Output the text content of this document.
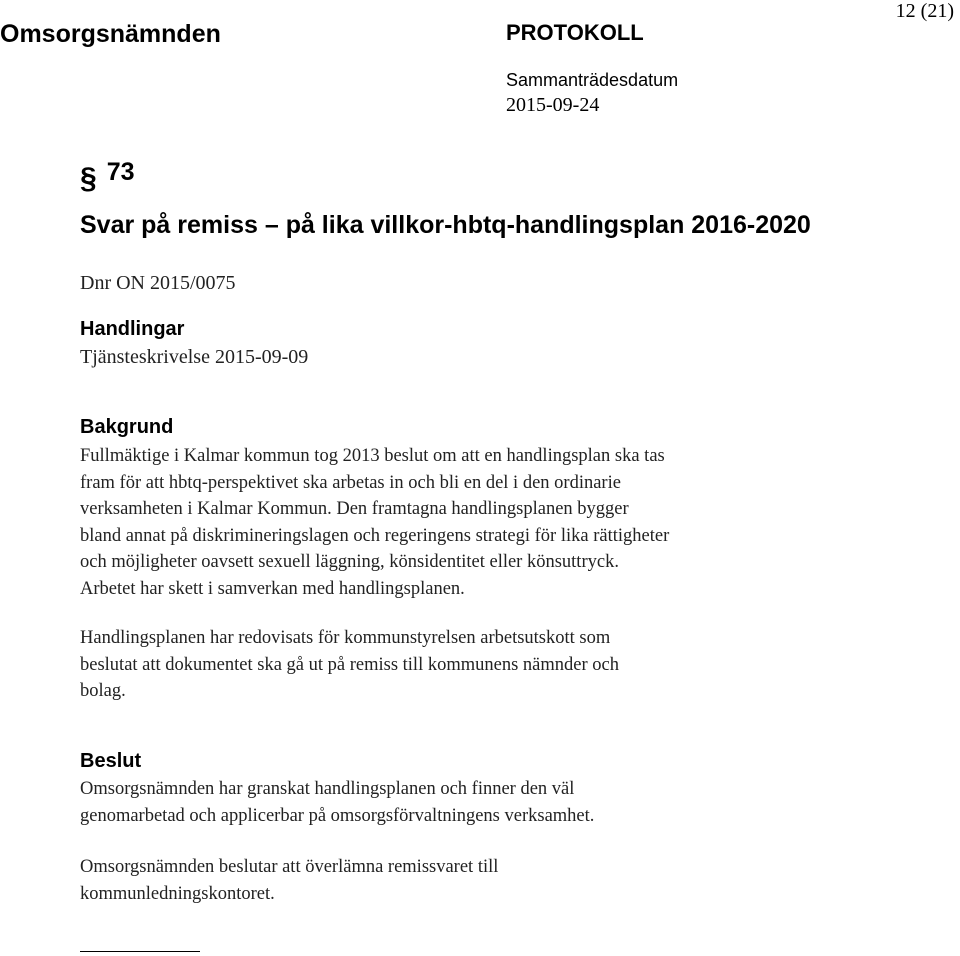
Omsorgsnämnden	PROTOKOLL
Sammanträdesdatum
2015-09-24
12 (21)
§ 73
Svar på remiss – på lika villkor-hbtq-handlingsplan 2016-2020
Dnr ON 2015/0075
Handlingar
Tjänsteskrivelse 2015-09-09
Bakgrund
Fullmäktige i Kalmar kommun tog 2013 beslut om att en handlingsplan ska tas
fram för att hbtq-perspektivet ska arbetas in och bli en del i den ordinarie
verksamheten i Kalmar Kommun. Den framtagna handlingsplanen bygger
bland annat på diskrimineringslagen och regeringens strategi för lika rättigheter
och möjligheter oavsett sexuell läggning, könsidentitet eller könsuttryck.
Arbetet har skett i samverkan med handlingsplanen.
Handlingsplanen har redovisats för kommunstyrelsen arbetsutskott som
beslutat att dokumentet ska gå ut på remiss till kommunens nämnder och
bolag.
Beslut
Omsorgsnämnden har granskat handlingsplanen och finner den väl
genomarbetad och applicerbar på omsorgsförvaltningens verksamhet.
Omsorgsnämnden beslutar att överlämna remissvaret till
kommunledningskontoret.
